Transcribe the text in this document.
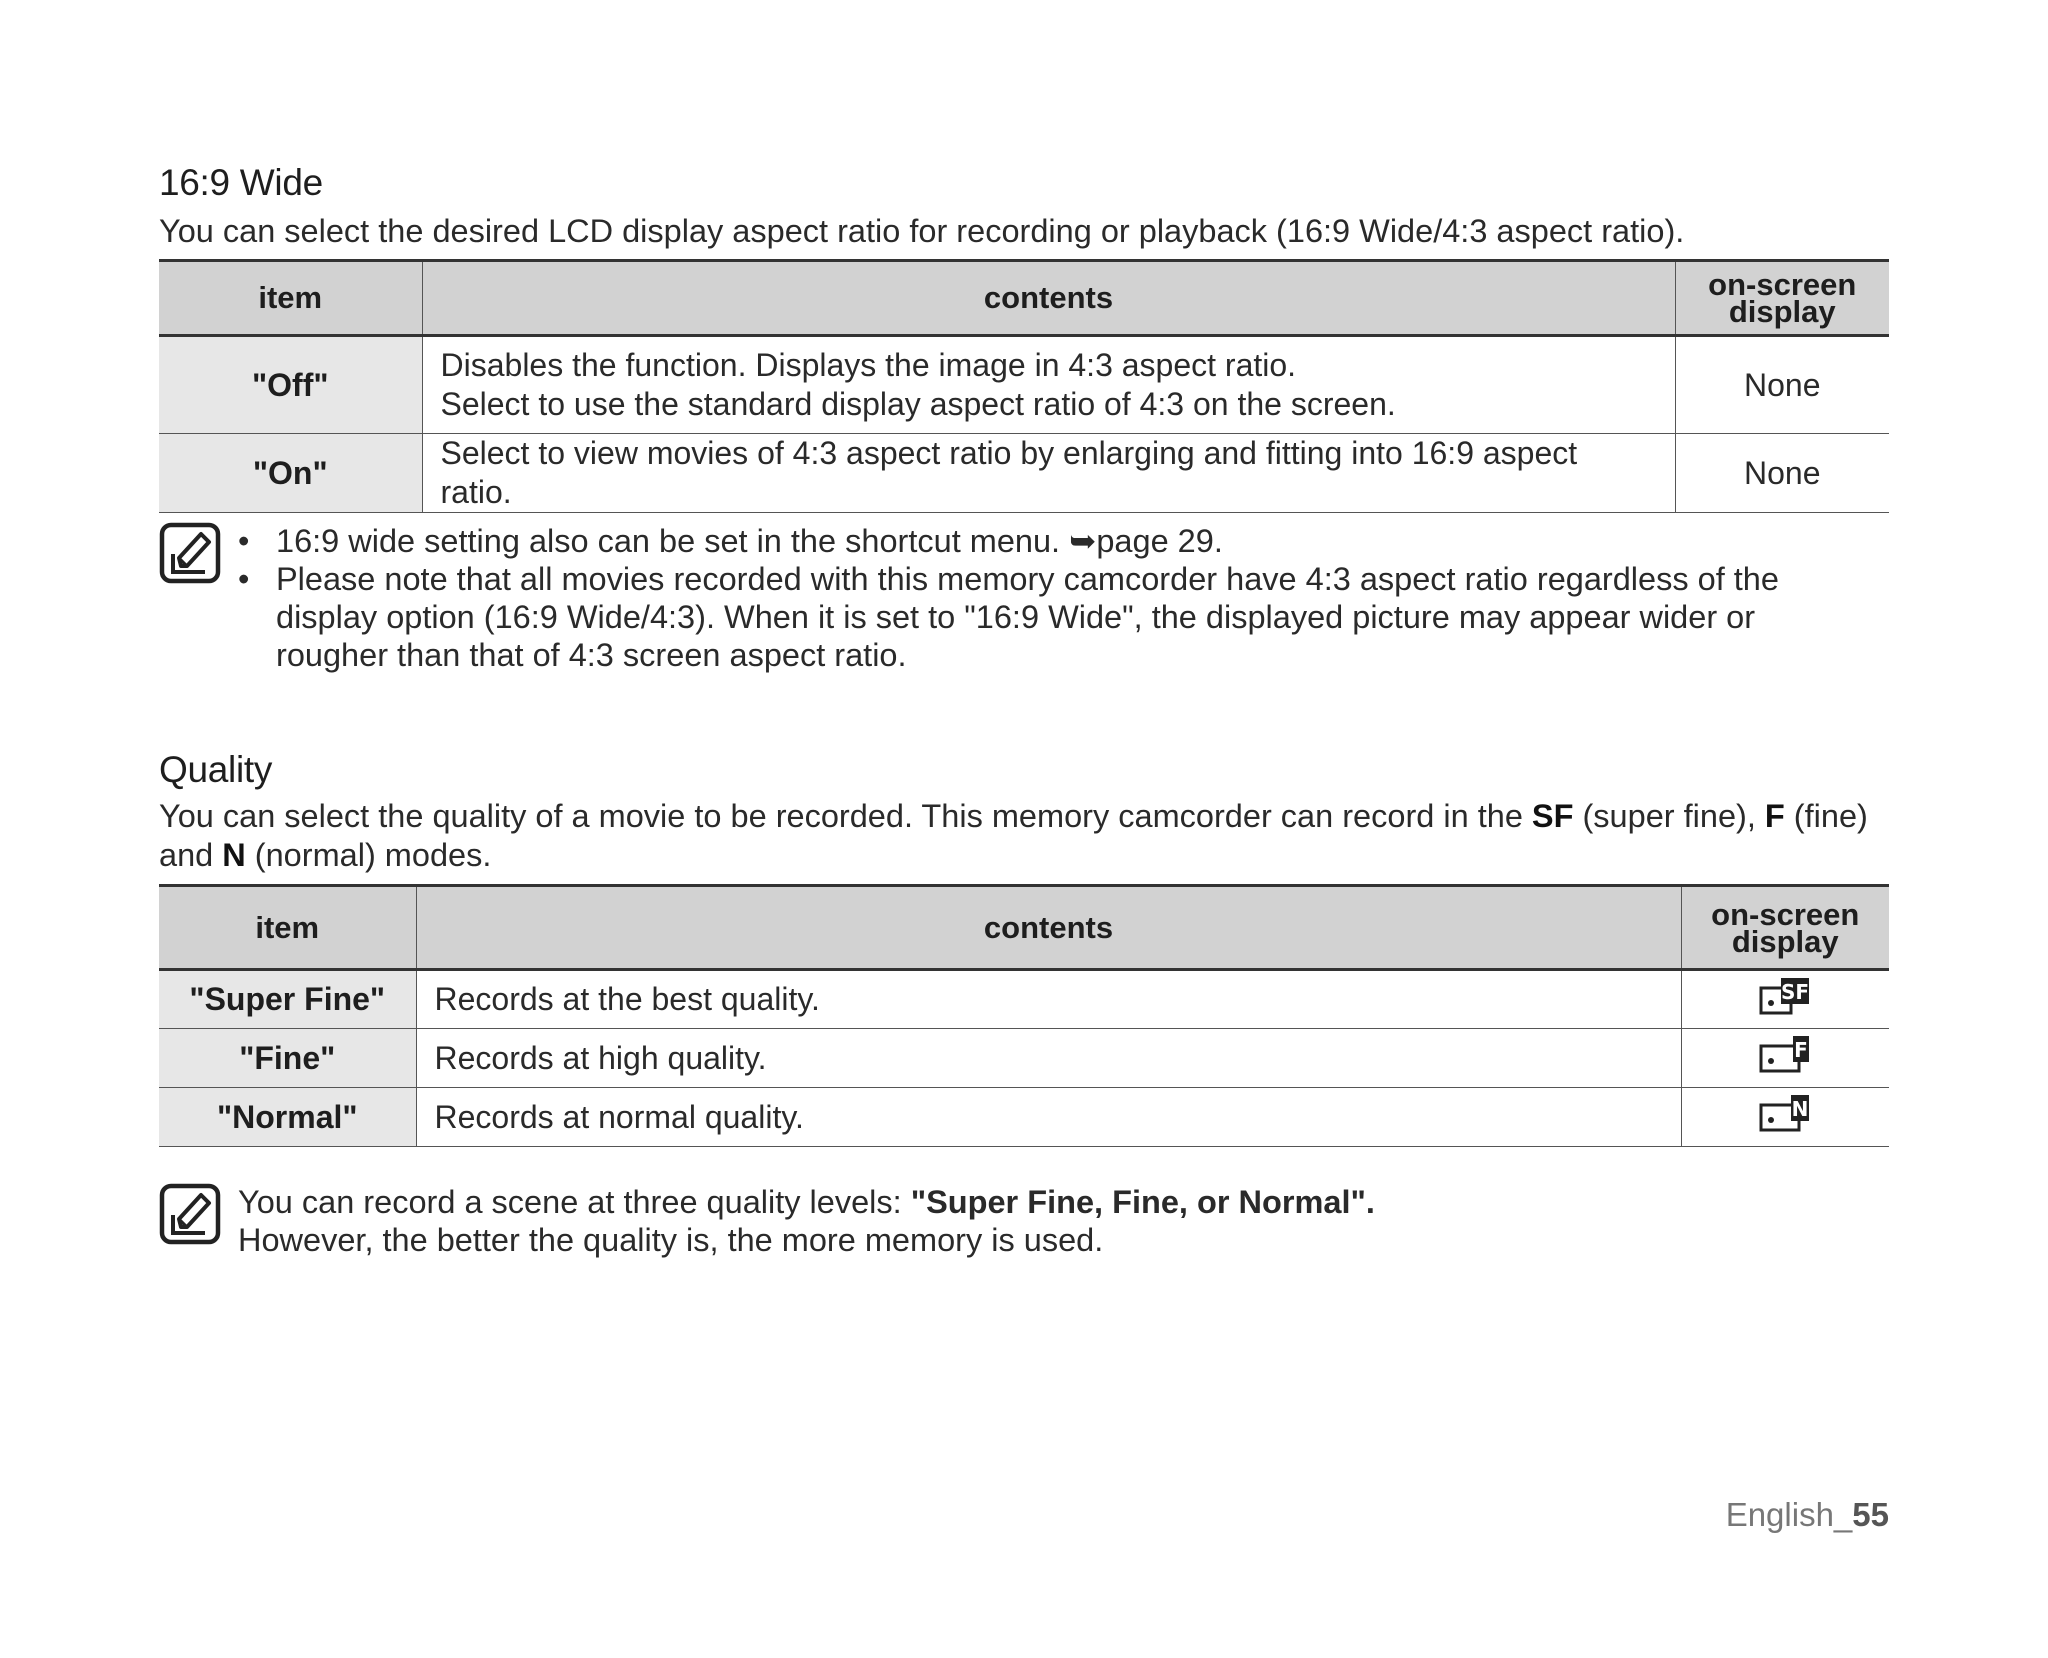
16:9 Wide

You can select the desired LCD display aspect ratio for recording or playback (16:9 Wide/4:3 aspect ratio).

item	contents	on-screen
display
"Off"	Disables the function. Displays the image in 4:3 aspect ratio.
Select to use the standard display aspect ratio of 4:3 on the screen.	None
"On"	Select to view movies of 4:3 aspect ratio by enlarging and fitting into 16:9 aspect ratio.	None
• 16:9 wide setting also can be set in the shortcut menu. ➥page 29.
• Please note that all movies recorded with this memory camcorder have 4:3 aspect ratio regardless of the
display option (16:9 Wide/4:3). When it is set to "16:9 Wide", the displayed picture may appear wider or
rougher than that of 4:3 screen aspect ratio.
Quality

You can select the quality of a movie to be recorded. This memory camcorder can record in the SF (super fine), F (fine)
and N (normal) modes.

item	contents	on-screen
display
"Super Fine"	Records at the best quality.	SF

"Fine"	Records at high quality.	F

"Normal"	Records at normal quality.	N
You can record a scene at three quality levels: "Super Fine, Fine, or Normal".
However, the better the quality is, the more memory is used.
English_55
